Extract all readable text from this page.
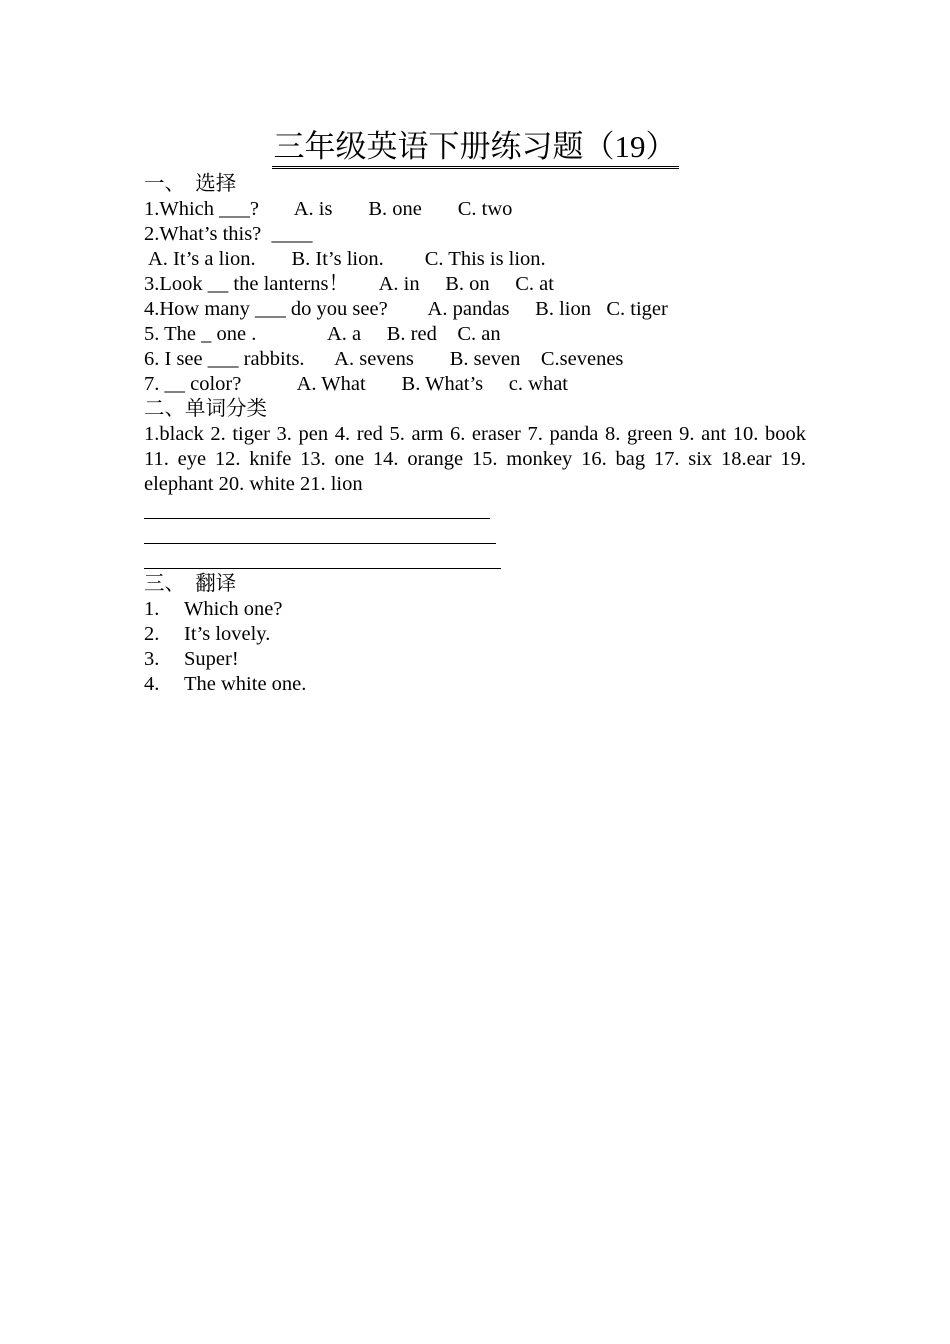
三年级英语下册练习题（19）
一、  选择
1.Which ___?       A. is       B. one       C. two
2.What’s this?  ____
A. It’s a lion.       B. It’s lion.        C. This is lion.
3.Look __ the lanterns！      A. in     B. on     C. at
4.How many ___ do you see?        A. pandas     B. lion   C. tiger
5. The _ one .              A. a     B. red    C. an
6. I see ___ rabbits.      A. sevens       B. seven    C.sevenes
7. __ color?           A. What       B. What’s     c. what
二、单词分类
1.black 2. tiger 3. pen 4. red 5. arm 6. eraser 7. panda 8. green 9. ant 10. book 11. eye 12. knife 13. one 14. orange 15. monkey 16. bag 17. six 18.ear 19. elephant 20. white 21. lion
三、  翻译
1.	Which one?
2.	It’s lovely.
3.	Super!
4.	The white one.
